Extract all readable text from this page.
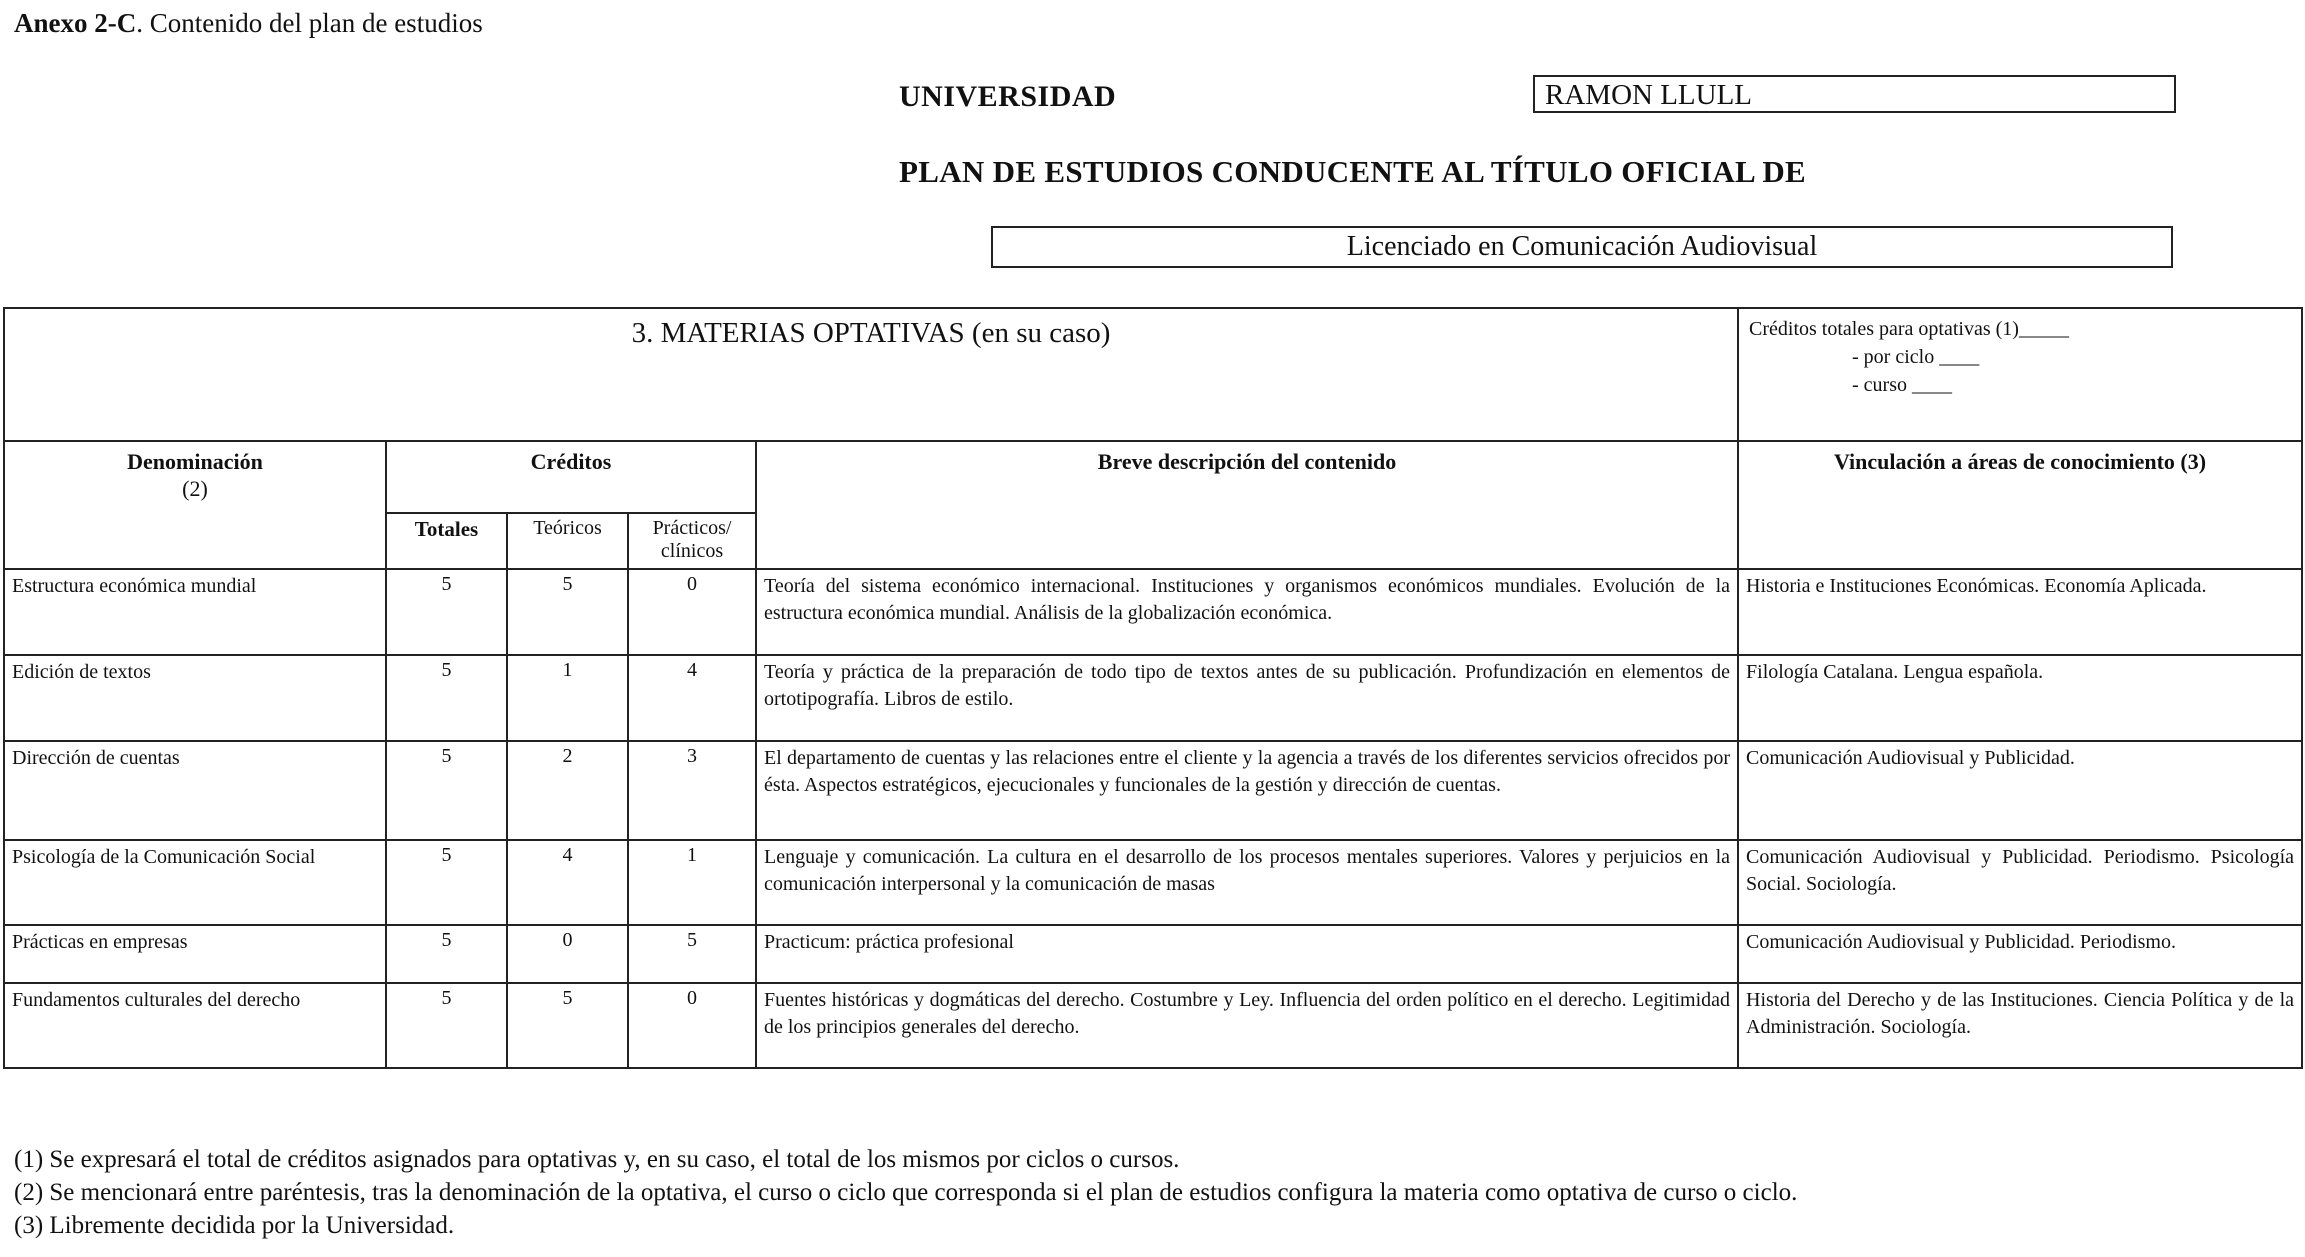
Anexo 2-C. Contenido del plan de estudios
UNIVERSIDAD	RAMON LLULL
PLAN DE ESTUDIOS CONDUCENTE AL TÍTULO OFICIAL DE
Licenciado en Comunicación Audiovisual
3. MATERIAS OPTATIVAS (en su caso)					Créditos totales para optativas (1)_____
- por ciclo ____
- curso ____

Denominación
(2)	Créditos			Breve descripción del contenido	Vinculación a áreas de conocimiento (3)
	Totales	Teóricos	Prácticos/ clínicos		
Estructura económica mundial	5	5	0	Teoría del sistema económico internacional. Instituciones y organismos económicos mundiales. Evolución de la estructura económica mundial. Análisis de la globalización económica.	Historia e Instituciones Económicas. Economía Aplicada.
Edición de textos	5	1	4	Teoría y práctica de la preparación de todo tipo de textos antes de su publicación. Profundización en elementos de ortotipografía. Libros de estilo.	Filología Catalana. Lengua española.
Dirección de cuentas	5	2	3	El departamento de cuentas y las relaciones entre el cliente y la agencia a través de los diferentes servicios ofrecidos por ésta. Aspectos estratégicos, ejecucionales y funcionales de la gestión y dirección de cuentas.	Comunicación Audiovisual y Publicidad.
Psicología de la Comunicación Social	5	4	1	Lenguaje y comunicación. La cultura en el desarrollo de los procesos mentales superiores. Valores y perjuicios en la comunicación interpersonal y la comunicación de masas	Comunicación Audiovisual y Publicidad. Periodismo. Psicología Social. Sociología.
Prácticas en empresas	5	0	5	Practicum: práctica profesional	Comunicación Audiovisual y Publicidad. Periodismo.
Fundamentos culturales del derecho	5	5	0	Fuentes históricas y dogmáticas del derecho. Costumbre y Ley. Influencia del orden político en el derecho. Legitimidad de los principios generales del derecho.	Historia del Derecho y de las Instituciones. Ciencia Política y de la Administración. Sociología.
(1) Se expresará el total de créditos asignados para optativas y, en su caso, el total de los mismos por ciclos o cursos.
(2) Se mencionará entre paréntesis, tras la denominación de la optativa, el curso o ciclo que corresponda si el plan de estudios configura la materia como optativa de curso o ciclo.
(3) Libremente decidida por la Universidad.
